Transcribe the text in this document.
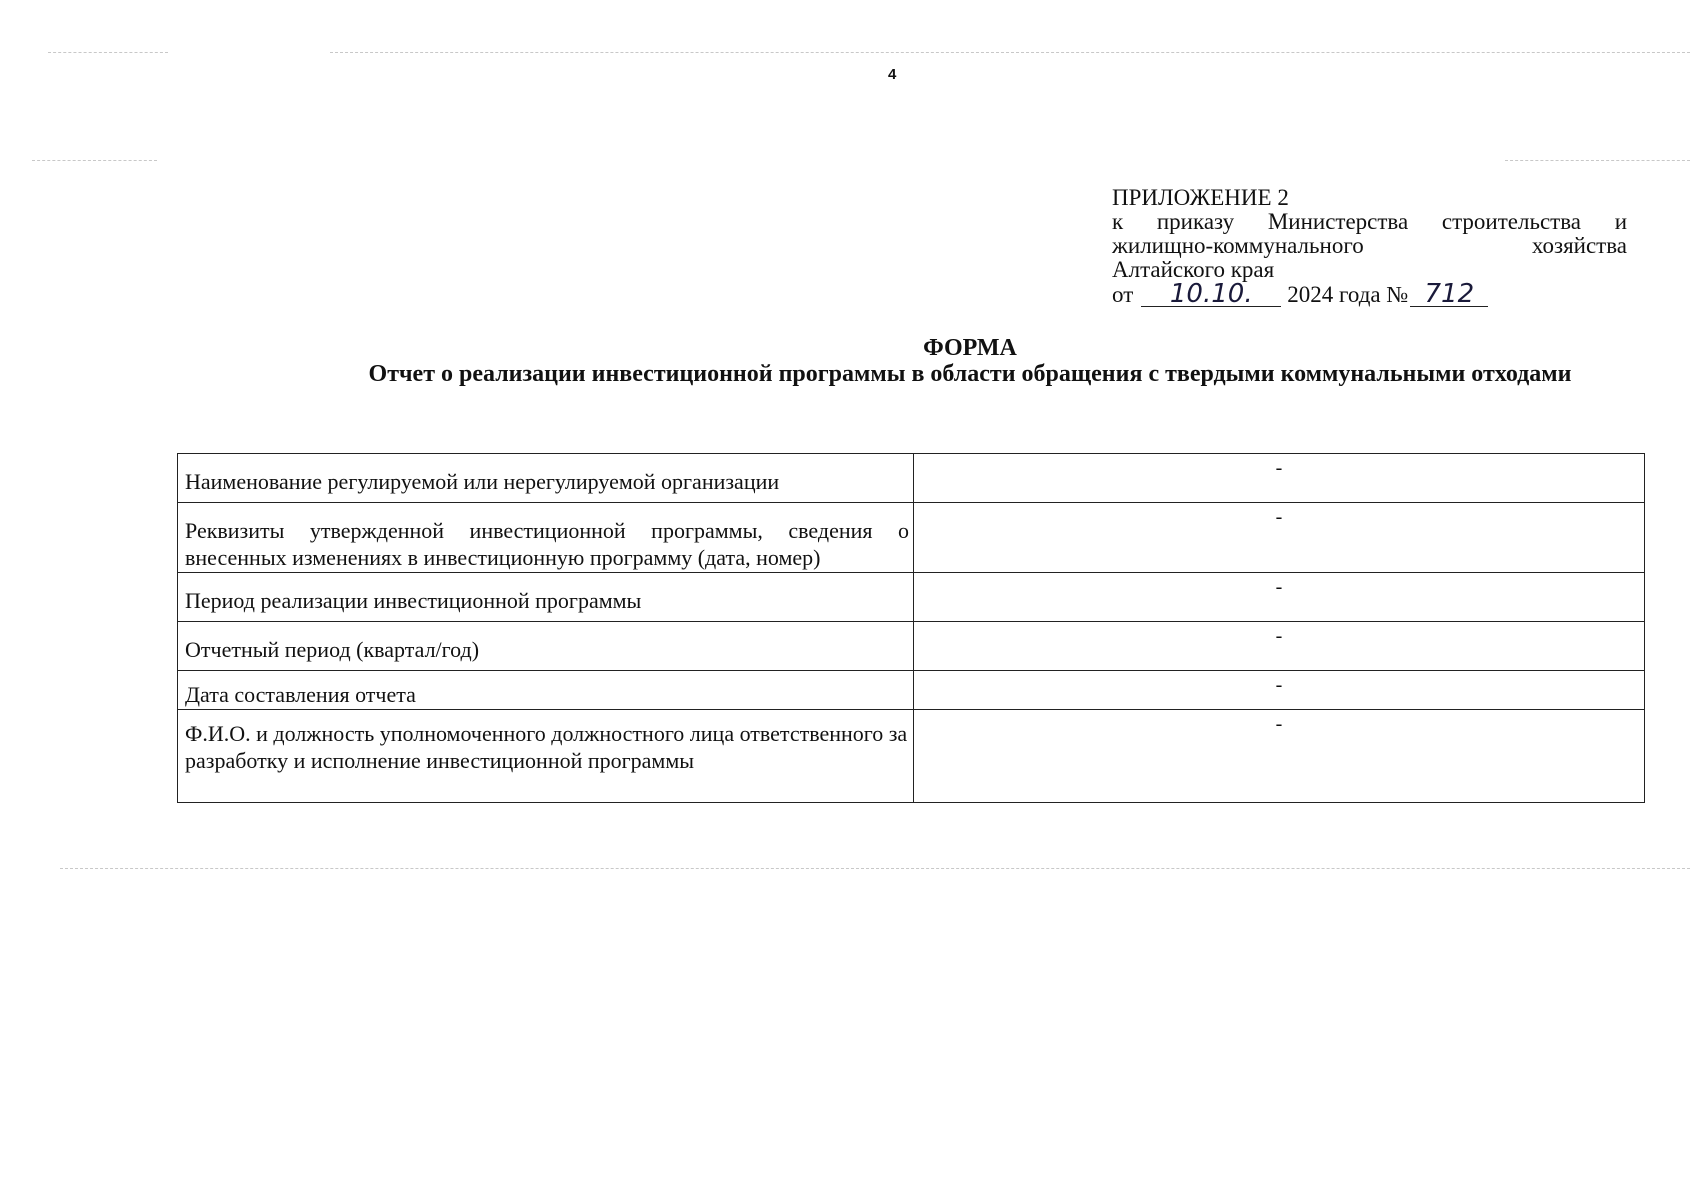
4
ПРИЛОЖЕНИЕ 2
к приказу Министерства строительства и
жилищно-коммунального	хозяйства
Алтайского края
от	10.10.	2024 года № 712
ФОРМА
Отчет о реализации инвестиционной программы в области обращения с твердыми коммунальными отходами
Наименование регулируемой или нерегулируемой организации	-

Реквизиты утвержденной инвестиционной программы, сведения о внесенных изменениях в инвестиционную программу (дата, номер)	-

Период реализации инвестиционной программы	-

Отчетный период (квартал/год)	-

Дата составления отчета	-

Ф.И.О. и должность уполномоченного должностного лица ответственного за разработку и исполнение инвестиционной программы	-
